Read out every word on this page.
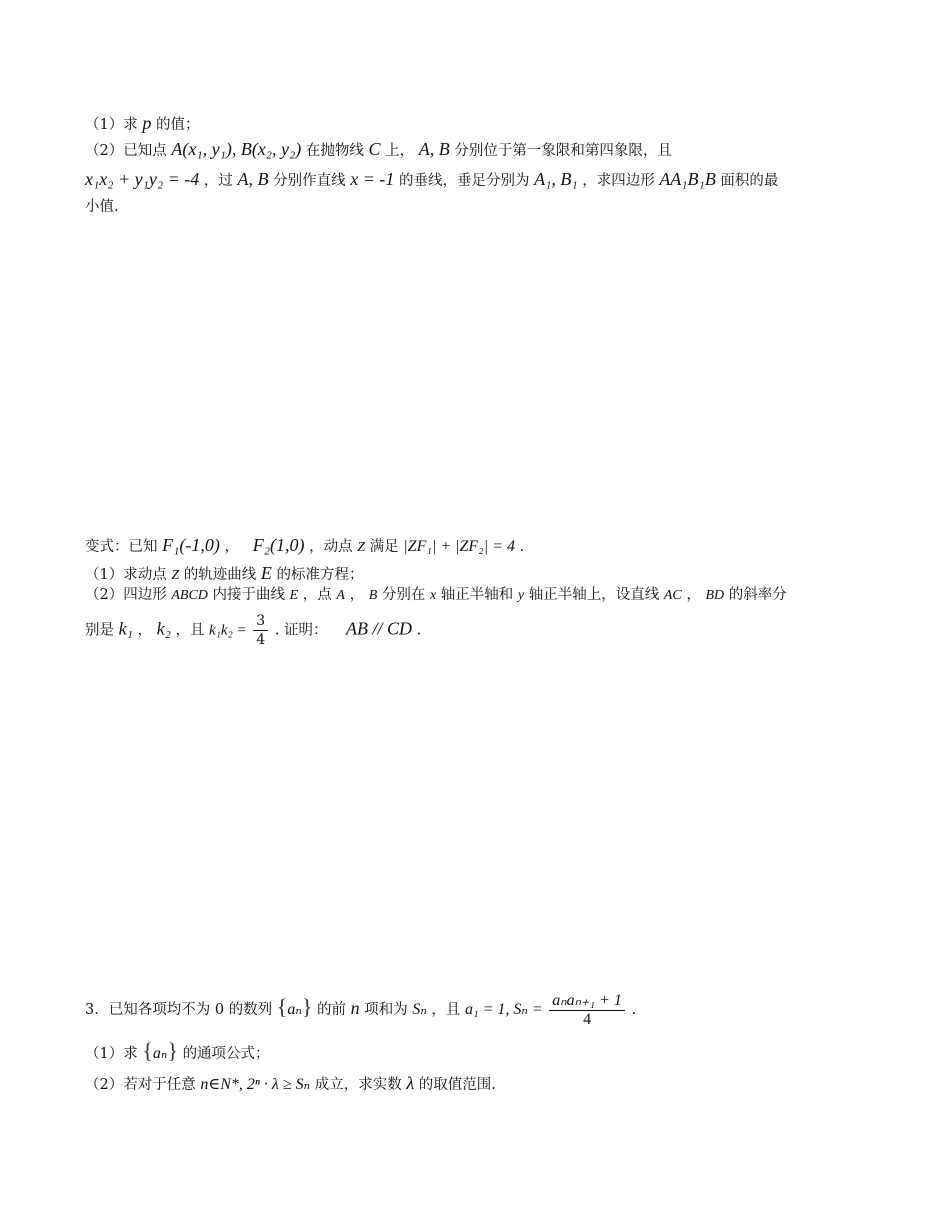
（1）求 p 的值；
（2）已知点 A(x₁, y₁), B(x₂, y₂) 在抛物线 C 上， A, B 分别位于第一象限和第四象限，且
x₁x₂ + y₁y₂ = -4 ，过 A, B 分别作直线 x = -1 的垂线，垂足分别为 A₁, B₁ ，求四边形 AA₁B₁B 面积的最
小值.
变式：已知 F₁(-1,0) ， F₂(1,0) ，动点 Z 满足 |ZF₁| + |ZF₂| = 4 .
（1）求动点 Z 的轨迹曲线 E 的标准方程；
（2）四边形 ABCD 内接于曲线 E ，点 A ， B 分别在 x 轴正半轴和 y 轴正半轴上，设直线 AC ， BD 的斜率分
别是 k₁ ， k₂ ，且 $k_1k_2 = \frac{3}{4}$ . 证明： AB // CD .
3．已知各项均不为 0 的数列 {aₙ} 的前 n 项和为 Sₙ ，且 a₁ = 1, $S_n = \frac{\text{aₙaₙ₊₁ + 1}}{4}$ .
（1）求 {aₙ} 的通项公式；
（2）若对于任意 n∈N*, 2ⁿ · λ ≥ Sₙ 成立，求实数 λ 的取值范围.
